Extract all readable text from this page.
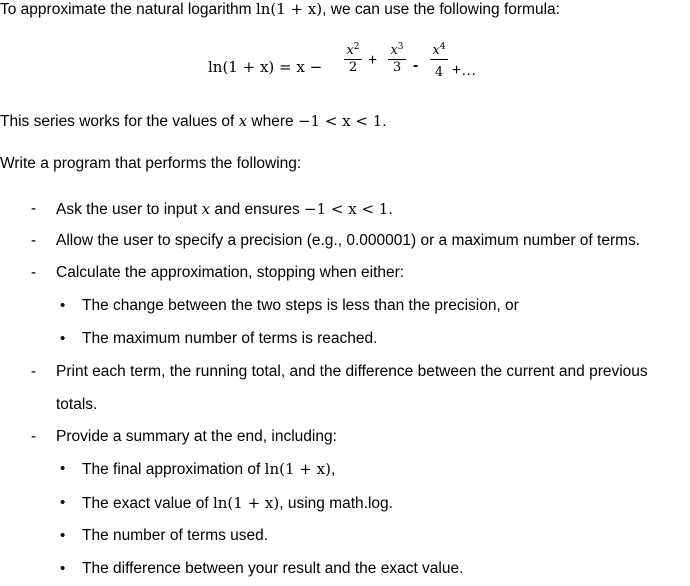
To approximate the natural logarithm ln(1 + x), we can use the following formula:
ln(1 + x) = x −
$x^2$
2 +
$x^3$
3 -
$x^4$
4 +…
This series works for the values of x where −1 < x < 1.
Write a program that performs the following:
- Ask the user to input x and ensures −1 < x < 1.
- Allow the user to specify a precision (e.g., 0.000001) or a maximum number of terms.
- Calculate the approximation, stopping when either:
• The change between the two steps is less than the precision, or
• The maximum number of terms is reached.
- Print each term, the running total, and the difference between the current and previous
totals.
- Provide a summary at the end, including:
• The final approximation of ln(1 + x),
• The exact value of ln(1 + x), using math.log.
• The number of terms used.
• The difference between your result and the exact value.
